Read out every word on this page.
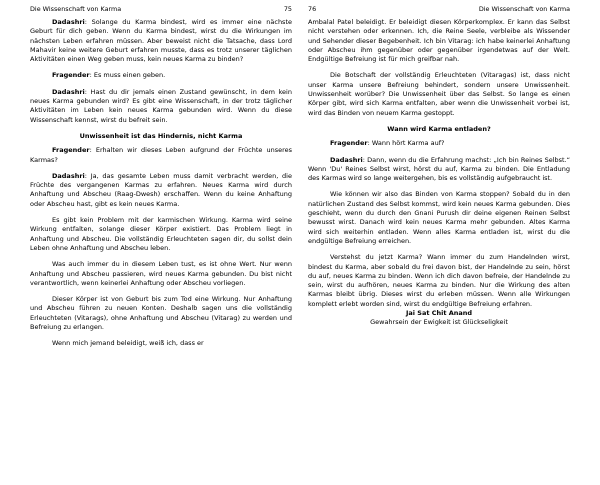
Die Wissenschaft von Karma	75

Dadashri: Solange du Karma bindest, wird es immer eine nächste Geburt für dich geben. Wenn du Karma bindest, wirst du die Wirkungen im nächsten Leben erfahren müssen. Aber beweist nicht die Tatsache, dass Lord Mahavir keine weitere Geburt erfahren musste, dass es trotz unserer täglichen Aktivitäten einen Weg geben muss, kein neues Karma zu binden?

Fragender: Es muss einen geben.

Dadashri: Hast du dir jemals einen Zustand gewünscht, in dem kein neues Karma gebunden wird? Es gibt eine Wissenschaft, in der trotz täglicher Aktivitäten im Leben kein neues Karma gebunden wird. Wenn du diese Wissenschaft kennst, wirst du befreit sein.

Unwissenheit ist das Hindernis, nicht Karma

Fragender: Erhalten wir dieses Leben aufgrund der Früchte unseres Karmas?

Dadashri: Ja, das gesamte Leben muss damit verbracht werden, die Früchte des vergangenen Karmas zu erfahren. Neues Karma wird durch Anhaftung und Abscheu (Raag-Dwesh) erschaffen. Wenn du keine Anhaftung oder Abscheu hast, gibt es kein neues Karma.

Es gibt kein Problem mit der karmischen Wirkung. Karma wird seine Wirkung entfalten, solange dieser Körper existiert. Das Problem liegt in Anhaftung und Abscheu. Die vollständig Erleuchteten sagen dir, du sollst dein Leben ohne Anhaftung und Abscheu leben.

Was auch immer du in diesem Leben tust, es ist ohne Wert. Nur wenn Anhaftung und Abscheu passieren, wird neues Karma gebunden. Du bist nicht verantwortlich, wenn keinerlei Anhaftung oder Abscheu vorliegen.

Dieser Körper ist von Geburt bis zum Tod eine Wirkung. Nur Anhaftung und Abscheu führen zu neuen Konten. Deshalb sagen uns die vollständig Erleuchteten (Vitarags), ohne Anhaftung und Abscheu (Vitarag) zu werden und Befreiung zu erlangen.

Wenn mich jemand beleidigt, weiß ich, dass er

76	Die Wissenschaft von Karma

Ambalal Patel beleidigt. Er beleidigt diesen Körperkomplex. Er kann das Selbst nicht verstehen oder erkennen. Ich, die Reine Seele, verbleibe als Wissender und Sehender dieser Begebenheit. Ich bin Vitarag: ich habe keinerlei Anhaftung oder Abscheu ihm gegenüber oder gegenüber irgendetwas auf der Welt. Endgültige Befreiung ist für mich greifbar nah.

Die Botschaft der vollständig Erleuchteten (Vitaragas) ist, dass nicht unser Karma unsere Befreiung behindert, sondern unsere Unwissenheit. Unwissenheit worüber? Die Unwissenheit über das Selbst. So lange es einen Körper gibt, wird sich Karma entfalten, aber wenn die Unwissenheit vorbei ist, wird das Binden von neuem Karma gestoppt.

Wann wird Karma entladen?

Fragender: Wann hört Karma auf?

Dadashri: Dann, wenn du die Erfahrung machst: „Ich bin Reines Selbst.“ Wenn 'Du' Reines Selbst wirst, hörst du auf, Karma zu binden. Die Entladung des Karmas wird so lange weitergehen, bis es vollständig aufgebraucht ist.

Wie können wir also das Binden von Karma stoppen? Sobald du in den natürlichen Zustand des Selbst kommst, wird kein neues Karma gebunden. Dies geschieht, wenn du durch den Gnani Purush dir deine eigenen Reinen Selbst bewusst wirst. Danach wird kein neues Karma mehr gebunden. Altes Karma wird sich weiterhin entladen. Wenn alles Karma entladen ist, wirst du die endgültige Befreiung erreichen.

Verstehst du jetzt Karma? Wann immer du zum Handelnden wirst, bindest du Karma, aber sobald du frei davon bist, der Handelnde zu sein, hörst du auf, neues Karma zu binden. Wenn ich dich davon befreie, der Handelnde zu sein, wirst du aufhören, neues Karma zu binden. Nur die Wirkung des alten Karmas bleibt übrig. Dieses wirst du erleben müssen. Wenn alle Wirkungen komplett erlebt worden sind, wirst du endgültige Befreiung erfahren.

Jai Sat Chit Anand

Gewahrsein der Ewigkeit ist Glückseligkeit
